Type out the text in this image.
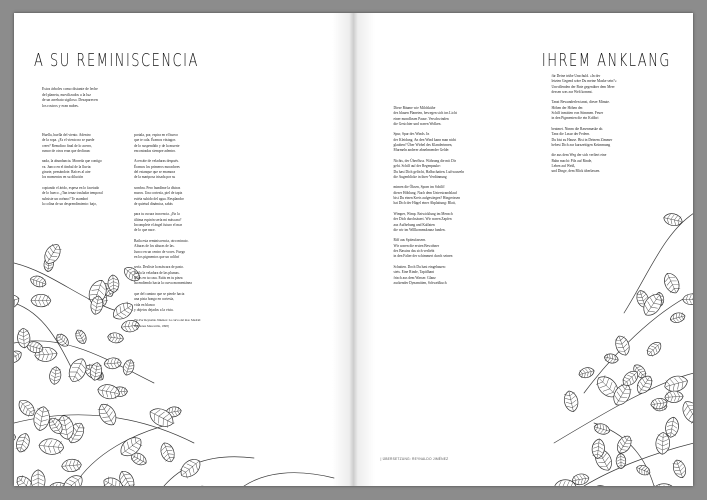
A SU REMINISCENCIA

Estos árboles como distante de leche
del planeta, movilizados a la luz
de un arrebato sigiloso. Desaparecen
los rostros y eran nubes.

Huella, huella del viento. Adentro
de la ropa. ¿Es el viento no se puede
creer? Remolino final de lo acerro,
rumor de otros eran que declinan:

nada, la abundancia. Moneda que contigo
va. Junco en el tímbal de la lluvia:
girarte, pensándote. Raíces al aire
los momentos en su dilución

copiando el árido, espesa en lo facetado
de lo hueco. ¿Tan tenaz trasladar temporal
subsiste un océano? Te asombró
la colina de un desprendimiento: bajo,

portala, por, espira en el hueco
que te cala. Éramos vástagos
de lo suspendido y de la muerte
encontradas siempre adentro.

Acercáte de veladuras después.
Éramos los primeros moradores
del estanque que se enamora
de la mariposa irisada por su

sombra. Pero hundíme la dístras
muros. Una cortesía, piel de tapiz
estéta subido del agua. Resplandor
de quietud dinámica, sabás

para tu oscura inocencia. ¿En la
última espirón sería mi máscara?
Incomplete el ángel futuro el mar
de lo que nace.

Baila esta reminiscencia, otro minuto.
Alturas de los alturas de las.
Junco en un centro de voces. Fuego
en los pigmentos que un colibrí

sería. Desliste la máscara de pasto.
Baila la veladura de las plumas.
Estás en tu casa. Estás en tu pieza
ascendiendo hacia la curva momentánea

que del camino que se pierde hacia
una pista hongo en cortesía,
vida en blanco
y objetos dejados a la vista.

[Ya Por Reynaldo Jiménez: La curva del mar. Madrid:
Ediciones Mascarilla, 1998]

IHREM ANKLANG

Diese Bäume wie Milchkühe
des blauen Planeten, bewegen sich ins Licht
einer mondlosen Pause. Verschwinden
die Gesichter und waren Wolken.

Spur, Spur des Winds. In
der Kleidung. An den Wind kann man nicht
glauben? Über Wirbel des Klanderinnen,
Murmeln anderer abnehmender Gelde:

Nichts, der Überfluss. Währung die mit Dir
geht. Schilf auf der Regenpauke:
Du hast Dich gelöcht, Halbschatten. Luftwurzeln
die Augenblicke in ihrer Verdünnung

mimen die Öksen, Sporn im Schilff
dieser Höhlung. Nach dem Unterstrandslauf
bist Du einen Kreis aufgestiegen? Hingerissen
hat Dich der Hügel einer Abplattung: Blatt,

Wimper, Wimp. Entwicklung im Mensch
der Dich durchsäuert. Wir waren Zapfen
aus Aufhebung und Kalfaten
die wir im Willkommskranz fanden.

Riff aus Spiteufassern.
Wir waren die ersten Bewohner
des Bassins das sich verliebt
in den Falter der schimmert durch seinen

Schatten. Doch Du hast eingehauen:
stets. Eine Rinde, Tapitlhant
frisch aus dem Wasser. Glanz
zuckender Dynamitten, Schweißtuch

für Deine trübe Unschuld. »In der
letzten Gegend wäre Du meine Maske sein?«
Unvollenden der Bote gegenüber dem Meer
dessen was zur Welt kommt.

Tanzt Bewunderlen tanzt, dieser Minute.
Höhen der Höhen der.
Schilf inmitten von Stimmen. Feuer
in den Pigmenten die ein Kolibri

beatmet. Nimm die Rasenmaske ab.
Tanz die Lasur der Federn.
Du bist zu Hause. Bist in Deinem Zimmer
hebest Dich zur kurzzeitigen Krümmung

die aus dem Weg der sich verliert eine
Bahn macht: Pilz auf Rinde,
Leben auf Weiß,
und Dinge, dem Blick überlassen.

| ÜBERSETZUNG: REYNALDO JIMÉNEZ
